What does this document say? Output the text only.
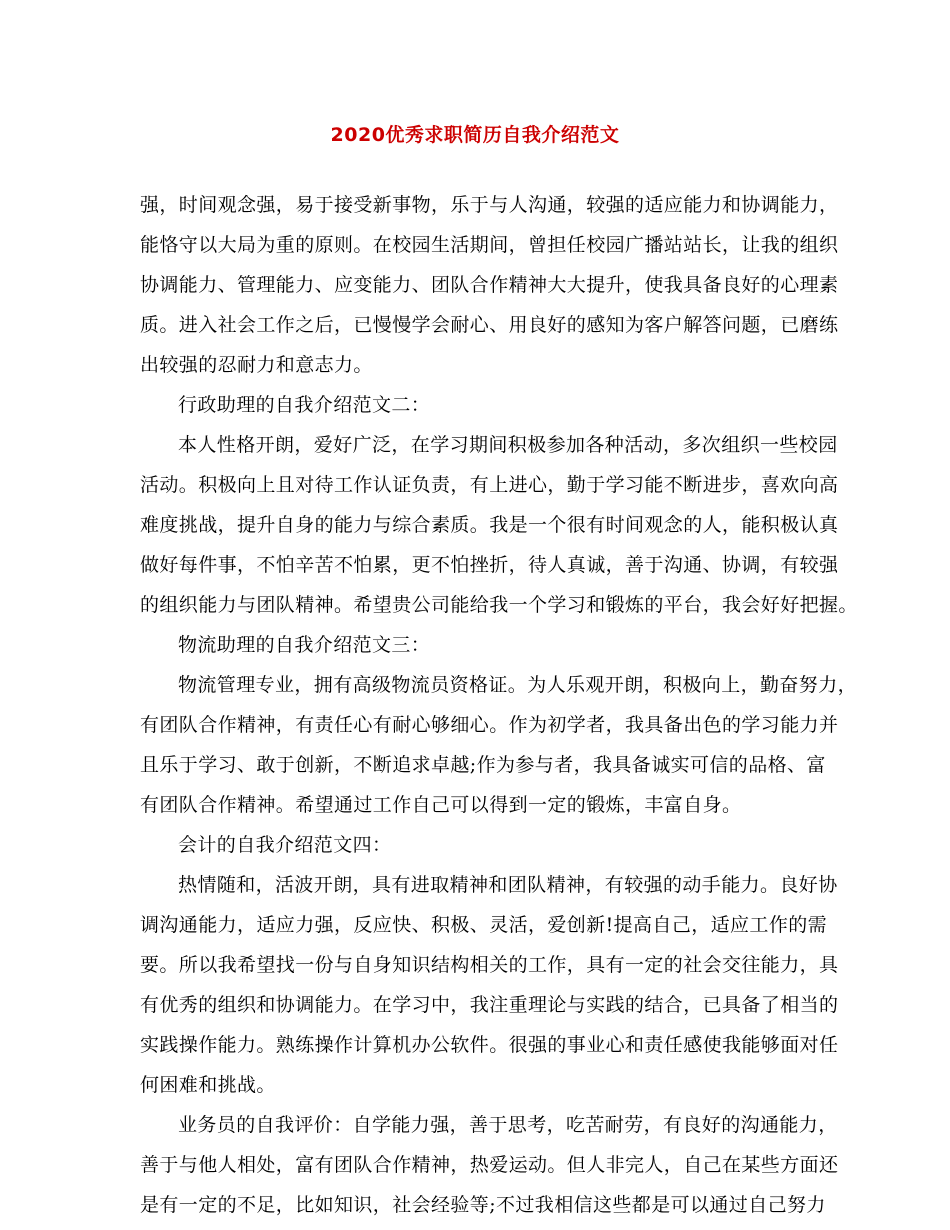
2020优秀求职简历自我介绍范文
强，时间观念强，易于接受新事物，乐于与人沟通，较强的适应能力和协调能力，
能恪守以大局为重的原则。在校园生活期间，曾担任校园广播站站长，让我的组织
协调能力、管理能力、应变能力、团队合作精神大大提升，使我具备良好的心理素
质。进入社会工作之后，已慢慢学会耐心、用良好的感知为客户解答问题，已磨练
出较强的忍耐力和意志力。
行政助理的自我介绍范文二：
本人性格开朗，爱好广泛，在学习期间积极参加各种活动，多次组织一些校园
活动。积极向上且对待工作认证负责，有上进心，勤于学习能不断进步，喜欢向高
难度挑战，提升自身的能力与综合素质。我是一个很有时间观念的人，能积极认真
做好每件事，不怕辛苦不怕累，更不怕挫折，待人真诚，善于沟通、协调，有较强
的组织能力与团队精神。希望贵公司能给我一个学习和锻炼的平台，我会好好把握。
物流助理的自我介绍范文三：
物流管理专业，拥有高级物流员资格证。为人乐观开朗，积极向上，勤奋努力，
有团队合作精神，有责任心有耐心够细心。作为初学者，我具备出色的学习能力并
且乐于学习、敢于创新，不断追求卓越;作为参与者，我具备诚实可信的品格、富
有团队合作精神。希望通过工作自己可以得到一定的锻炼，丰富自身。
会计的自我介绍范文四：
热情随和，活波开朗，具有进取精神和团队精神，有较强的动手能力。良好协
调沟通能力，适应力强，反应快、积极、灵活，爱创新!提高自己，适应工作的需
要。所以我希望找一份与自身知识结构相关的工作，具有一定的社会交往能力，具
有优秀的组织和协调能力。在学习中，我注重理论与实践的结合，已具备了相当的
实践操作能力。熟练操作计算机办公软件。很强的事业心和责任感使我能够面对任
何困难和挑战。
业务员的自我评价：自学能力强，善于思考，吃苦耐劳，有良好的沟通能力，
善于与他人相处，富有团队合作精神，热爱运动。但人非完人，自己在某些方面还
是有一定的不足，比如知识，社会经验等;不过我相信这些都是可以通过自己努力
